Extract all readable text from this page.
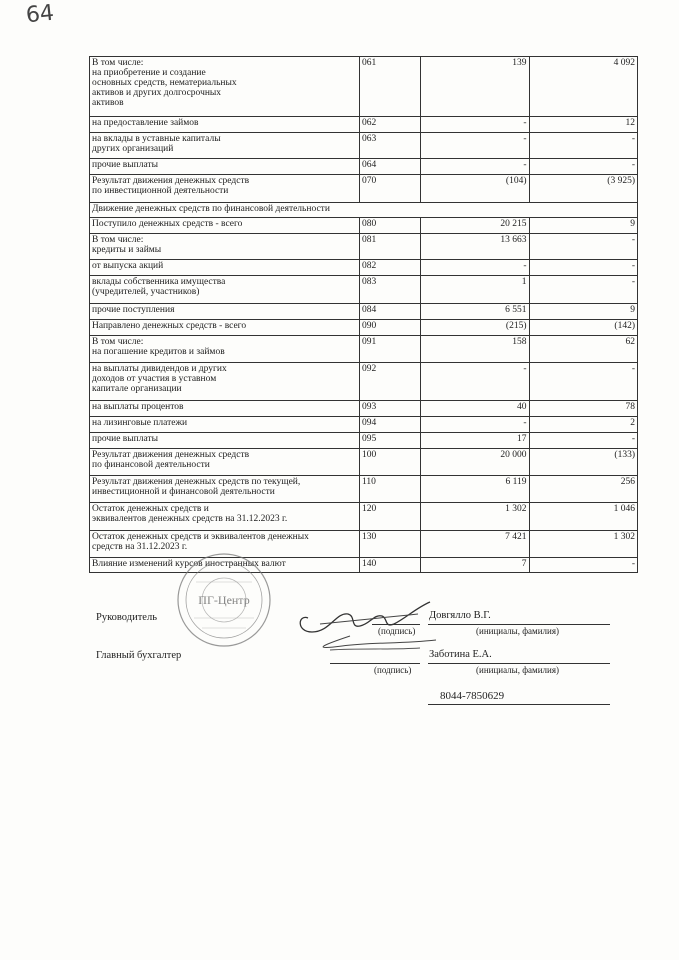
64
В том числе:
на приобретение и создание
основных средств, нематериальных
активов и других долгосрочных
активов	061	139	4 092
на предоставление займов	062	-	12
на вклады в уставные капиталы
других организаций	063	-	-
прочие выплаты	064	-	-
Результат движения денежных средств
по инвестиционной деятельности	070	(104)	(3 925)
Движение денежных средств по финансовой деятельности			
Поступило денежных средств - всего	080	20 215	9
В том числе:
кредиты и займы	081	13 663	-
от выпуска акций	082	-	-
вклады собственника имущества
(учредителей, участников)	083	1	-
прочие поступления	084	6 551	9
Направлено денежных средств - всего	090	(215)	(142)
В том числе:
на погашение кредитов и займов	091	158	62
на выплаты дивидендов и других
доходов от участия в уставном
капитале организации	092	-	-
на выплаты процентов	093	40	78
на лизинговые платежи	094	-	2
прочие выплаты	095	17	-
Результат движения денежных средств
по финансовой деятельности	100	20 000	(133)
Результат движения денежных средств по текущей,
инвестиционной и финансовой деятельности	110	6 119	256
Остаток денежных средств и
эквивалентов денежных средств на 31.12.2023 г.	120	1 302	1 046
Остаток денежных средств и эквивалентов денежных
средств на 31.12.2023 г.	130	7 421	1 302
Влияние изменений курсов иностранных валют	140	7	-
Руководитель
(подпись)
Довгялло В.Г.
(инициалы, фамилия)
Главный бухгалтер
(подпись)
Заботина Е.А.
(инициалы, фамилия)
8044-7850629
ПГ-Центр
